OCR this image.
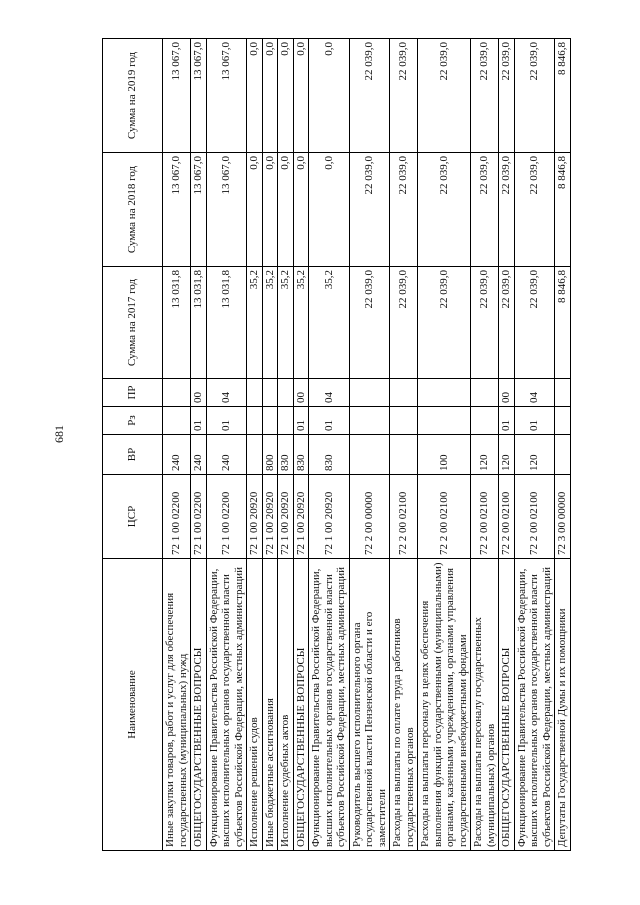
681
Наименование	ЦСР	ВР	Рз	ПР	Сумма на 2017 год	Сумма на 2018 год	Сумма на 2019 год
Иные закупки товаров, работ и услуг для обеспечения государственных (муниципальных) нужд	72 1 00 02200	240			13 031,8	13 067,0	13 067,0
ОБЩЕГОСУДАРСТВЕННЫЕ ВОПРОСЫ	72 1 00 02200	240	01	00	13 031,8	13 067,0	13 067,0
Функционирование Правительства Российской Федерации, высших исполнительных органов государственной власти субъектов Российской Федерации, местных администраций	72 1 00 02200	240	01	04	13 031,8	13 067,0	13 067,0
Исполнение решений судов	72 1 00 20920				35,2	0,0	0,0
Иные бюджетные ассигнования	72 1 00 20920	800			35,2	0,0	0,0
Исполнение судебных актов	72 1 00 20920	830			35,2	0,0	0,0
ОБЩЕГОСУДАРСТВЕННЫЕ ВОПРОСЫ	72 1 00 20920	830	01	00	35,2	0,0	0,0
Функционирование Правительства Российской Федерации, высших исполнительных органов государственной власти субъектов Российской Федерации, местных администраций	72 1 00 20920	830	01	04	35,2	0,0	0,0
Руководитель высшего исполнительного органа государственной власти Пензенской области и его заместители	72 2 00 00000				22 039,0	22 039,0	22 039,0
Расходы на выплаты по оплате труда работников государственных органов	72 2 00 02100				22 039,0	22 039,0	22 039,0
Расходы на выплаты персоналу в целях обеспечения выполнения функций государственными (муниципальными) органами, казенными учреждениями, органами управления государственными внебюджетными фондами	72 2 00 02100	100			22 039,0	22 039,0	22 039,0
Расходы на выплаты персоналу государственных (муниципальных) органов	72 2 00 02100	120			22 039,0	22 039,0	22 039,0
ОБЩЕГОСУДАРСТВЕННЫЕ ВОПРОСЫ	72 2 00 02100	120	01	00	22 039,0	22 039,0	22 039,0
Функционирование Правительства Российской Федерации, высших исполнительных органов государственной власти субъектов Российской Федерации, местных администраций	72 2 00 02100	120	01	04	22 039,0	22 039,0	22 039,0
Депутаты Государственной Думы и их помощники	72 3 00 00000				8 846,8	8 846,8	8 846,8
